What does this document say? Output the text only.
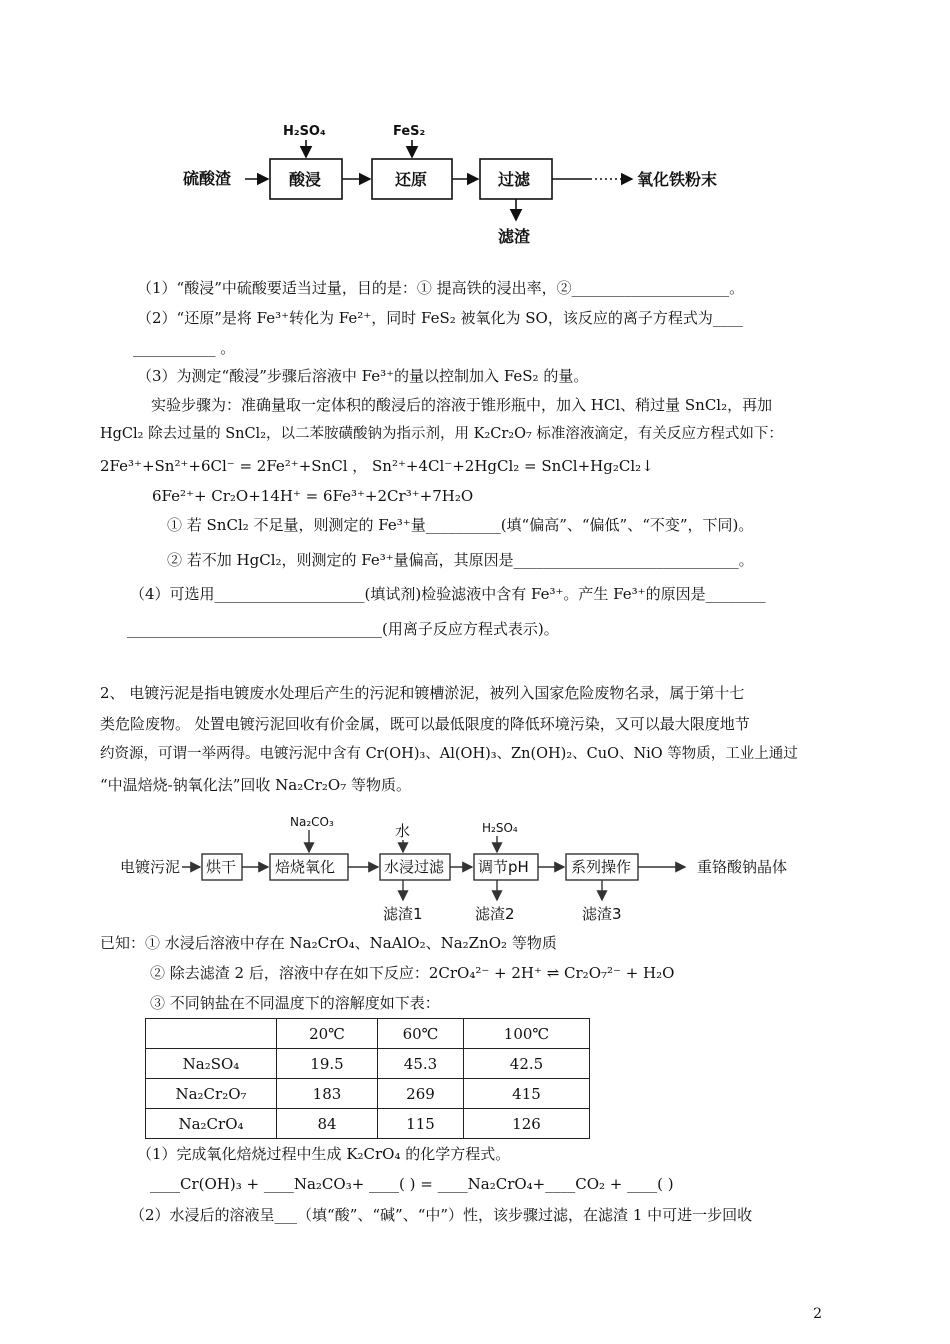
硫酸渣	酸浸
H₂SO₄
还原
FeS₂
过滤
滤渣
氧化铁粉末
（1）“酸浸”中硫酸要适当过量，目的是：① 提高铁的浸出率，②_____________________。
（2）“还原”是将 Fe³⁺转化为 Fe²⁺，同时 FeS₂ 被氧化为 SO，该反应的离子方程式为____
___________ 。
（3）为测定“酸浸”步骤后溶液中 Fe³⁺的量以控制加入 FeS₂ 的量。
实验步骤为：准确量取一定体积的酸浸后的溶液于锥形瓶中，加入 HCl、稍过量 SnCl₂，再加
HgCl₂ 除去过量的 SnCl₂，以二苯胺磺酸钠为指示剂，用 K₂Cr₂O₇ 标准溶液滴定，有关反应方程式如下：
2Fe³⁺+Sn²⁺+6Cl⁻ = 2Fe²⁺+SnCl ， Sn²⁺+4Cl⁻+2HgCl₂ = SnCl+Hg₂Cl₂↓
6Fe²⁺+ Cr₂O+14H⁺ = 6Fe³⁺+2Cr³⁺+7H₂O
① 若 SnCl₂ 不足量，则测定的 Fe³⁺量__________(填“偏高”、“偏低”、“不变”，下同)。
② 若不加 HgCl₂，则测定的 Fe³⁺量偏高，其原因是______________________________。
（4）可选用____________________(填试剂)检验滤液中含有 Fe³⁺。产生 Fe³⁺的原因是________
__________________________________(用离子反应方程式表示)。
2、 电镀污泥是指电镀废水处理后产生的污泥和镀槽淤泥，被列入国家危险废物名录，属于第十七
类危险废物。 处置电镀污泥回收有价金属，既可以最低限度的降低环境污染，又可以最大限度地节
约资源，可谓一举两得。电镀污泥中含有 Cr(OH)₃、Al(OH)₃、Zn(OH)₂、CuO、NiO 等物质，工业上通过
“中温焙烧-钠氧化法”回收 Na₂Cr₂O₇ 等物质。
电镀污泥 烘干	焙烧氧化
Na₂CO₃
水浸过滤
水
滤渣1
调节pH
H₂SO₄
滤渣2
系列操作
滤渣3
重铬酸钠晶体
已知：① 水浸后溶液中存在 Na₂CrO₄、NaAlO₂、Na₂ZnO₂ 等物质
② 除去滤渣 2 后，溶液中存在如下反应：2CrO₄²⁻ + 2H⁺ ⇌ Cr₂O₇²⁻ + H₂O
③ 不同钠盐在不同温度下的溶解度如下表：
	20℃	60℃	100℃
Na₂SO₄	19.5	45.3	42.5
Na₂Cr₂O₇	183	269	415
Na₂CrO₄	84	115	126
（1）完成氧化焙烧过程中生成 K₂CrO₄ 的化学方程式。
____Cr(OH)₃ + ____Na₂CO₃+ ____( ) = ____Na₂CrO₄+____CO₂ + ____( )
（2）水浸后的溶液呈___（填“酸”、“碱”、“中”）性，该步骤过滤，在滤渣 1 中可进一步回收
2
